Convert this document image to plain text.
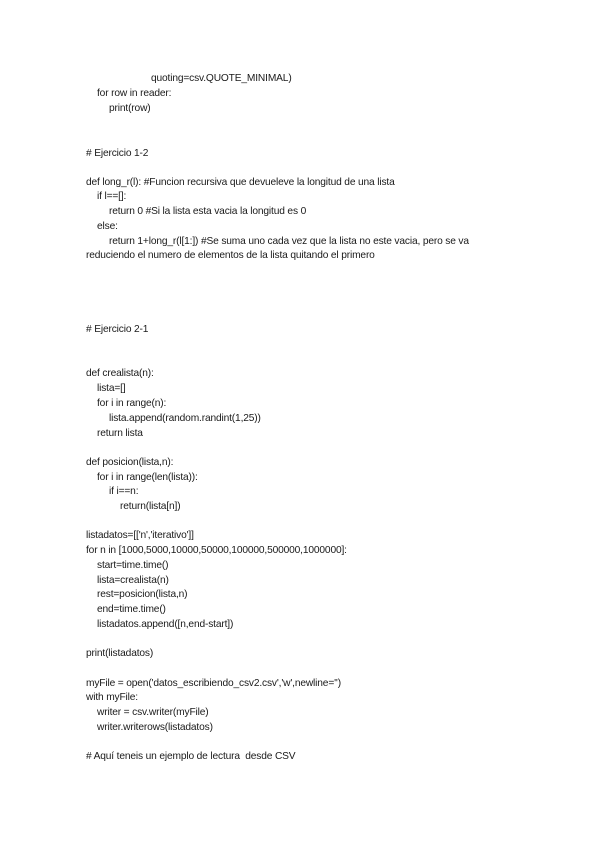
quoting=csv.QUOTE_MINIMAL)
for row in reader:
print(row)
# Ejercicio 1-2
def long_r(l): #Funcion recursiva que devueleve la longitud de una lista
if l==[]:
return 0 #Si la lista esta vacia la longitud es 0
else:
return 1+long_r(l[1:]) #Se suma uno cada vez que la lista no este vacia, pero se va
reduciendo el numero de elementos de la lista quitando el primero
# Ejercicio 2-1
def crealista(n):
lista=[]
for i in range(n):
lista.append(random.randint(1,25))
return lista
def posicion(lista,n):
for i in range(len(lista)):
if i==n:
return(lista[n])
listadatos=[['n','iterativo']]
for n in [1000,5000,10000,50000,100000,500000,1000000]:
start=time.time()
lista=crealista(n)
rest=posicion(lista,n)
end=time.time()
listadatos.append([n,end-start])
print(listadatos)
myFile = open('datos_escribiendo_csv2.csv','w',newline='')
with myFile:
writer = csv.writer(myFile)
writer.writerows(listadatos)
# Aquí teneis un ejemplo de lectura  desde CSV
